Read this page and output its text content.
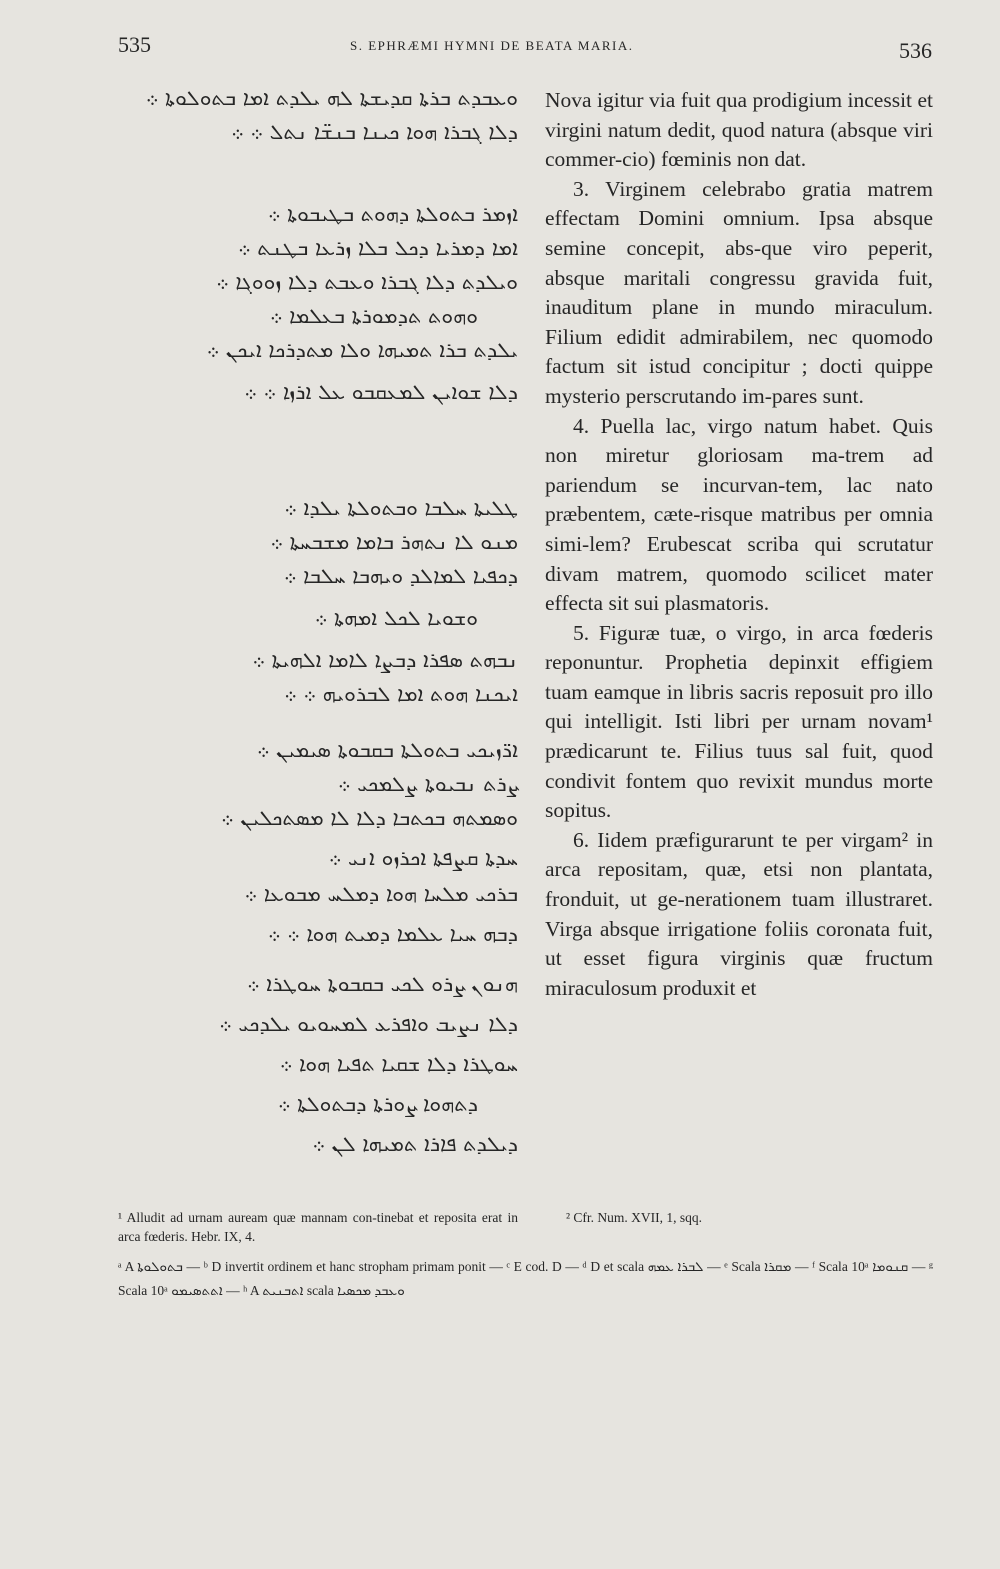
535	S. EPHRÆMI HYMNI DE BEATA MARIA.	536
ܘܥܒܕܬ ܒܪܬܐ ܩܕܝܫܬܐ ܠܗ ܝܠܕܬ ܐܡܐ ܒܬܘܠܘܬܐ ܀
ܕܠܐ ܓܒܪܐ ܗܘܐ ܟܝܢܐ ܒܢܫ̈ܐ ܢܬܠ ܀ ܀
ܐܙܡܪ ܒܬܘܠܬܐ ܕܗܘܬ ܒܛܝܒܘܬܐ ܀
ܐܡܐ ܕܡܪܝܐ ܕܟܠ ܒܠܐ ܙܪܥܐ ܒܛܢܬ ܀
ܘܝܠܕܬ ܕܠܐ ܓܒܪܐ ܘܥܒܬ ܕܠܐ ܙܘܘܓܐ ܀
ܘܗܘܬ ܬܕܡܘܪܬܐ ܒܥܠܡܐ ܀
ܝܠܕܬ ܒܪܐ ܬܡܝܗܐ ܘܠܐ ܡܬܕܪܟܐ ܐܝܟܢ ܀
ܕܠܐ ܫܘܐܝܢ ܠܡܥܩܒܘ ܥܠ ܐܪܙܐ ܀ ܀
ܛܠܝܬܐ ܚܠܒܐ ܘܒܬܘܠܬܐ ܝܠܕܐ ܀
ܡܢܘ ܠܐ ܢܬܗܪ ܒܐܡܐ ܡܫܒܚܬܐ ܀
ܕܟܦܝܐ ܠܡܐܠܕ ܘܝܗܒܐ ܚܠܒܐ ܀
ܘܫܘܝܐ ܠܟܠ ܐܡܗܬܐ ܀
ܢܒܗܬ ܣܦܪܐ ܕܒܨܐ ܠܐܡܐ ܐܠܗܝܬܐ ܀
ܐܝܟܢܐ ܗܘܬ ܐܡܐ ܠܒܪܘܝܗ ܀ ܀
ܐܪ̈ܙܝܟܝ ܒܬܘܠܬܐ ܒܩܒܘܬܐ ܣܝܡܝܢ ܀
ܨܪܬ ܢܒܝܘܬܐ ܨܠܡܟܝ ܀
ܘܣܡܬܗ ܒܟܬܒܐ ܕܠܐ ܠܐ ܡܣܬܟܠܝܢ ܀
ܚܕܬܐ ܩܨܦܬܐ ܐܟܪܙܘ ܐܢܝ ܀
ܒܪܟܝ ܡܠܚܐ ܗܘܐ ܕܡܠܚ ܡܒܘܥܐ ܀
ܕܒܗ ܚܝܐ ܥܠܡܐ ܕܡܝܬ ܗܘܐ ܀ ܀
ܗܢܘܢ ܨܪܘ ܠܟܝ ܒܩܒܘܬܐ ܚܘܛܪܐ ܀
ܕܠܐ ܢܨܝܒ ܘܐܦܪܥ ܠܡܚܘܝܘ ܝܠܕܟܝ ܀
ܚܘܛܪܐ ܕܠܐ ܫܩܝܐ ܬܦܝܐ ܗܘܐ ܀
ܕܬܗܘܐ ܨܘܪܬܐ ܕܒܬܘܠܬܐ ܀
ܕܝܠܕܬ ܦܐܪܐ ܬܡܝܗܐ ܠܢ ܀

Nova igitur via fuit qua prodigium incessit et virgini natum dedit, quod natura (absque viri commer-cio) fœminis non dat.

3. Virginem celebrabo gratia matrem effectam Domini omnium. Ipsa absque semine concepit, abs-que viro peperit, absque maritali congressu gravida fuit, inauditum plane in mundo miraculum. Filium edidit admirabilem, nec quomodo factum sit istud concipitur ; docti quippe mysterio perscrutando im-pares sunt.

4. Puella lac, virgo natum habet. Quis non miretur gloriosam ma-trem ad pariendum se incurvan-tem, lac nato præbentem, cæte-risque matribus per omnia simi-lem? Erubescat scriba qui scrutatur divam matrem, quomodo scilicet mater effecta sit sui plasmatoris.

5. Figuræ tuæ, o virgo, in arca fœderis reponuntur. Prophetia depinxit effigiem tuam eamque in libris sacris reposuit pro illo qui intelligit. Isti libri per urnam novam¹ prædicarunt te. Filius tuus sal fuit, quod condivit fontem quo revixit mundus morte sopitus.

6. Iidem præfigurarunt te per virgam² in arca repositam, quæ, etsi non plantata, fronduit, ut ge-nerationem tuam illustraret. Virga absque irrigatione foliis coronata fuit, ut esset figura virginis quæ fructum miraculosum produxit et

¹ Alludit ad urnam auream quæ mannam con-tinebat et reposita erat in arca fœderis. Hebr. IX, 4.
² Cfr. Num. XVII, 1, sqq.
ᵃ A ܒܬܘܠܘܬܐ — ᵇ D invertit ordinem et hanc stropham primam ponit — ᶜ E cod. D — ᵈ D et scala ܠܒܪܐ ܥܡܗ — ᵉ Scala ܡܩܪܐ — ᶠ Scala 10ᵃ ܩܢܘܡܐ — ᵍ Scala 10ᵃ ܐܬܬܣܝܡܘ — ʰ A ܐܬܒܢܝܬ scala ܘܥܒܕ ܡܟܣܝܐ
